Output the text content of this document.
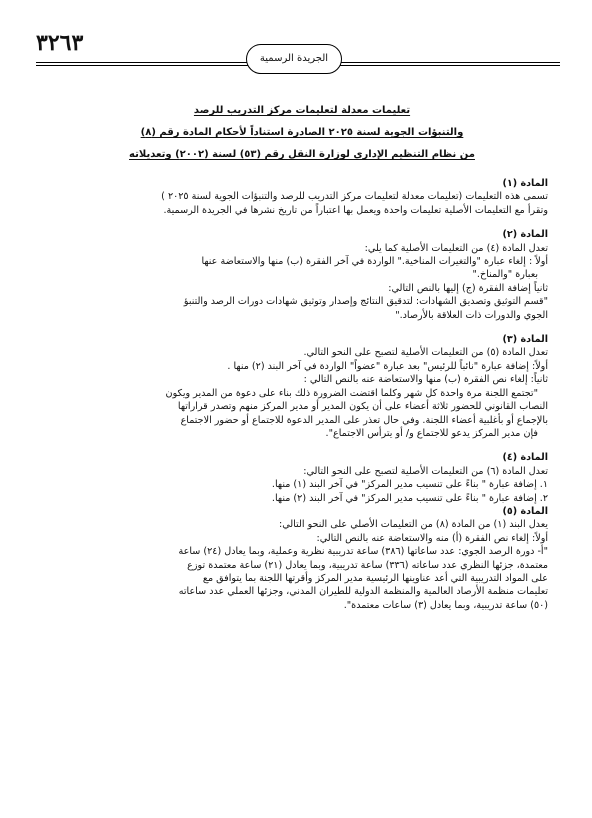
٣٢٦٣
الجريدة الرسمية
تعليمات معدلة لتعليمات مركز التدريب للرصد
والتنبؤات الجوية لسنة ٢٠٢٥ الصادرة استناداً لأحكام المادة رقم (٨)
من نظام التنظيم الإداري لوزارة النقل رقم (٥٣) لسنة (٢٠٠٢) وتعديلاته

المادة (١)

تسمى هذه التعليمات (تعليمات معدلة لتعليمات مركز التدريب للرصد والتنبؤات الجوية لسنة ٢٠٢٥ )

وتقرأ مع التعليمات الأصلية تعليمات واحدة ويعمل بها اعتباراً من تاريخ نشرها في الجريدة الرسمية.

المادة (٢)

تعدل المادة (٤) من التعليمات الأصلية كما يلي:

أولاً : إلغاء عبارة "والتغيرات المناخية." الواردة في آخر الفقرة (ب) منها والاستعاضة عنها

بعبارة "والمناخ."

ثانياً إضافة الفقرة (ج) إليها بالنص التالي:

"قسم التوثيق وتصديق الشهادات: لتدقيق النتائج وإصدار وتوثيق شهادات دورات الرصد والتنبؤ

الجوي والدورات ذات العلاقة بالأرصاد."

المادة (٣)

تعدل المادة (٥) من التعليمات الأصلية لتصبح على النحو التالي.

أولاً: إضافة عبارة "نائباً للرئيس" بعد عبارة "عضواً" الواردة في آخر البند (٢) منها .

ثانياً: إلغاء نص الفقرة (ب) منها والاستعاضة عنه بالنص التالي :

"تجتمع اللجنة مرة واحدة كل شهر وكلما اقتضت الضرورة ذلك بناء على دعوة من المدير ويكون

النصاب القانوني للحضور ثلاثة أعضاء على أن يكون المدير أو مدير المركز منهم وتصدر قراراتها

بالإجماع أو بأغلبية أعضاء اللجنة. وفي حال تعذر على المدير الدعوة للاجتماع أو حضور الاجتماع

فإن مدير المركز يدعو للاجتماع و/ أو يترأس الاجتماع".

المادة (٤)

تعدل المادة (٦) من التعليمات الأصلية لتصبح على النحو التالي:

١. إضافة عبارة " بناءً على تنسيب مدير المركز" في آخر البند (١) منها.

٢. إضافة عبارة " بناءً على تنسيب مدير المركز" في آخر البند (٢) منها.

المادة (٥)

يعدل البند (١) من المادة (٨) من التعليمات الأصلي على النحو التالي:

أولاً: إلغاء نص الفقرة (أ) منه والاستعاضة عنه بالنص التالي:

"أ- دورة الرصد الجوي: عدد ساعاتها (٣٨٦) ساعة تدريبية نظرية وعملية، وبما يعادل (٢٤) ساعة

معتمدة، جزئها النظري عدد ساعاته (٣٣٦) ساعة تدريبية، وبما يعادل (٢١) ساعة معتمدة توزع

على المواد التدريبية التي أعد عناوينها الرئيسية مدير المركز وأقرتها اللجنة بما يتوافق مع

تعليمات منظمة الأرصاد العالمية والمنظمة الدولية للطيران المدني، وجزئها العملي عدد ساعاته

(٥٠) ساعة تدريبية، وبما يعادل (٣) ساعات معتمدة".
